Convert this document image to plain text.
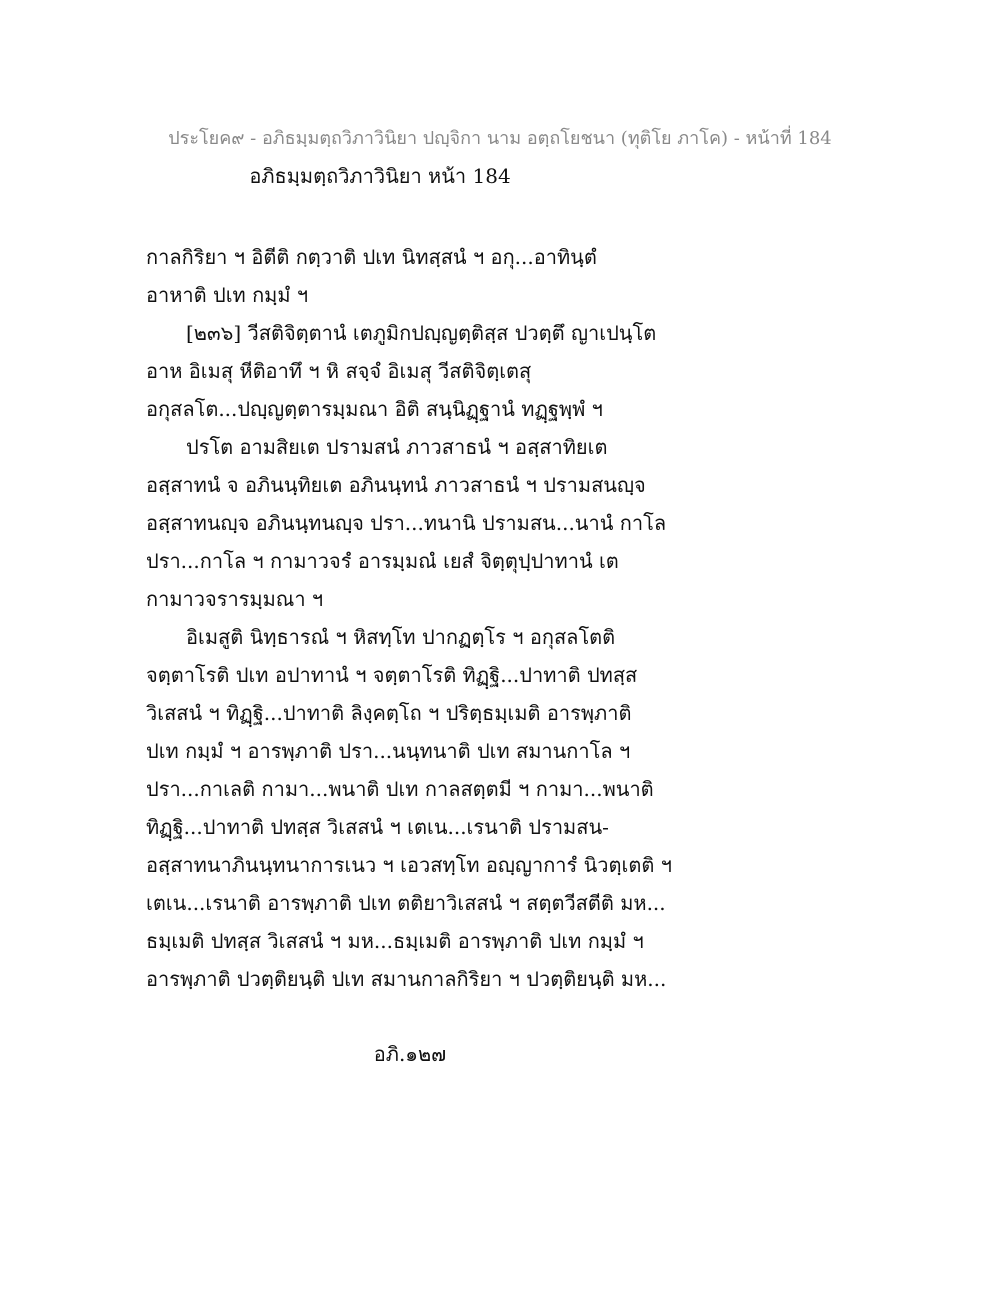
ประโยค๙ - อภิธมฺมตฺถวิภาวินิยา ปญฺจิกา นาม อตฺถโยชนา (ทุติโย ภาโค) - หน้าที่ 184
อภิธมฺมตฺถวิภาวินิยา หน้า 184
กาลกิริยา ฯ อิตีติ กตฺวาติ ปเท นิทสฺสนํ ฯ อกุ...อาทินฺตํ
อาหาติ ปเท กมฺมํ ฯ
[๒๓๖] วีสติจิตฺตานํ เตภูมิกปญฺญตฺติสฺส ปวตฺตึ ญาเปนฺโต
อาห อิเมสุ หีติอาทึ ฯ หิ สจฺจํ อิเมสุ วีสติจิตฺเตสุ
อกุสลโต...ปญฺญตฺตารมฺมณา อิติ สนฺนิฏฺฐานํ ทฏฺฐพฺพํ ฯ
ปรโต อามสิยเต ปรามสนํ ภาวสาธนํ ฯ อสฺสาทิยเต
อสฺสาทนํ จ อภินนฺทิยเต อภินนฺทนํ ภาวสาธนํ ฯ ปรามสนญฺจ
อสฺสาทนญฺจ อภินนฺทนญฺจ ปรา...ทนานิ ปรามสน...นานํ กาโล
ปรา...กาโล ฯ กามาวจรํ อารมฺมณํ เยสํ จิตฺตุปฺปาทานํ เต
กามาวจรารมฺมณา ฯ
อิเมสูติ นิทฺธารณํ ฯ หิสทฺโท ปากฏตฺโร ฯ อกุสลโตติ
จตฺตาโรติ ปเท อปาทานํ ฯ จตฺตาโรติ ทิฏฺฐิ...ปาทาติ ปทสฺส
วิเสสนํ ฯ ทิฏฺฐิ...ปาทาติ ลิงฺคตฺโถ ฯ ปริตฺธมฺเมติ อารพฺภาติ
ปเท กมฺมํ ฯ อารพฺภาติ ปรา...นนฺทนาติ ปเท สมานกาโล ฯ
ปรา...กาเลติ กามา...พนาติ ปเท กาลสตฺตมี ฯ กามา...พนาติ
ทิฏฺฐิ...ปาทาติ ปทสฺส วิเสสนํ ฯ เตเน...เรนาติ ปรามสน-
อสฺสาทนาภินนฺทนาการเนว ฯ เอวสทฺโท อญฺญาการํ นิวตฺเตติ ฯ
เตเน...เรนาติ อารพฺภาติ ปเท ตติยาวิเสสนํ ฯ สตฺตวีสตีติ มห...
ธมฺเมติ ปทสฺส วิเสสนํ ฯ มห...ธมฺเมติ อารพฺภาติ ปเท กมฺมํ ฯ
อารพฺภาติ ปวตฺติยนฺติ ปเท สมานกาลกิริยา ฯ ปวตฺติยนฺติ มห...
อภิ.๑๒๗
